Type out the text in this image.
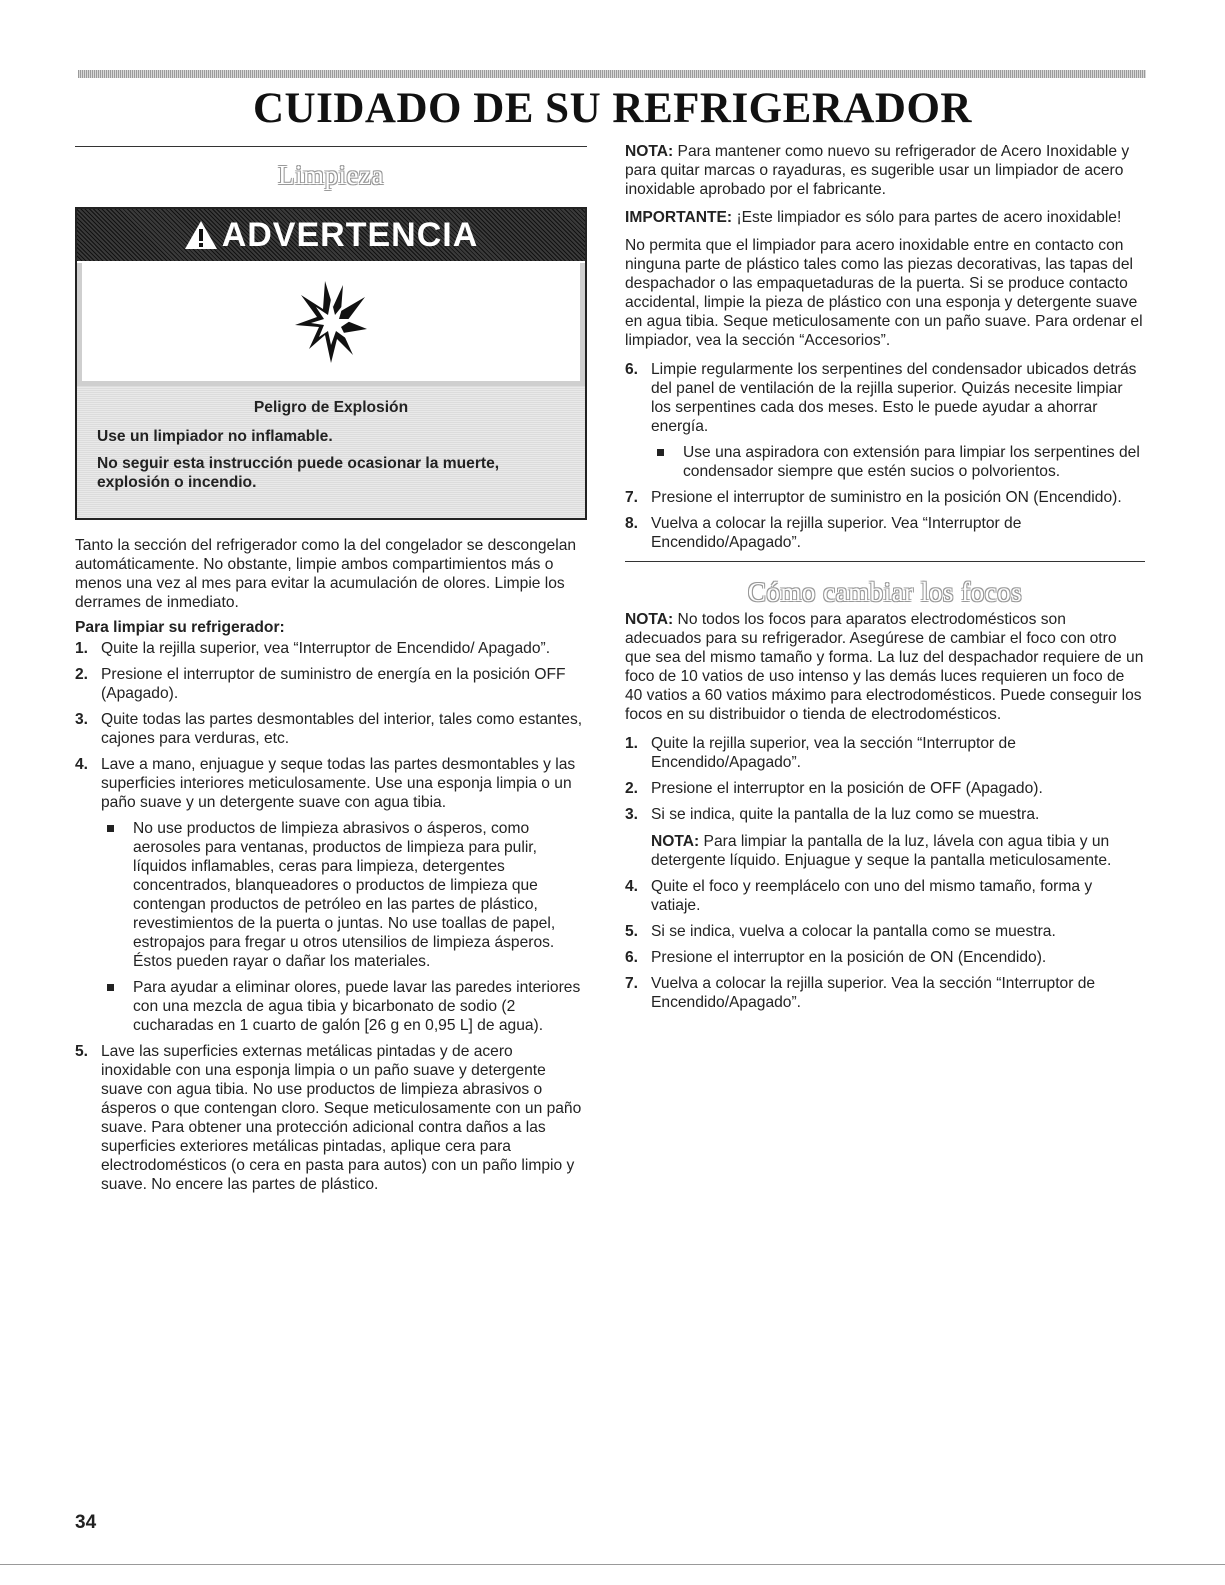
CUIDADO DE SU REFRIGERADOR
Limpieza
ADVERTENCIA

Peligro de Explosión

Use un limpiador no inflamable.

No seguir esta instrucción puede ocasionar la muerte, explosión o incendio.

Tanto la sección del refrigerador como la del congelador se descongelan automáticamente. No obstante, limpie ambos compartimientos más o menos una vez al mes para evitar la acumulación de olores. Limpie los derrames de inmediato.

Para limpiar su refrigerador:

1. Quite la rejilla superior, vea “Interruptor de Encendido/ Apagado”.
2. Presione el interruptor de suministro de energía en la posición OFF (Apagado).
3. Quite todas las partes desmontables del interior, tales como estantes, cajones para verduras, etc.
4. Lave a mano, enjuague y seque todas las partes desmontables y las superficies interiores meticulosamente. Use una esponja limpia o un paño suave y un detergente suave con agua tibia.
No use productos de limpieza abrasivos o ásperos, como aerosoles para ventanas, productos de limpieza para pulir, líquidos inflamables, ceras para limpieza, detergentes concentrados, blanqueadores o productos de limpieza que contengan productos de petróleo en las partes de plástico, revestimientos de la puerta o juntas. No use toallas de papel, estropajos para fregar u otros utensilios de limpieza ásperos. Éstos pueden rayar o dañar los materiales.
Para ayudar a eliminar olores, puede lavar las paredes interiores con una mezcla de agua tibia y bicarbonato de sodio (2 cucharadas en 1 cuarto de galón [26 g en 0,95 L] de agua).
5. Lave las superficies externas metálicas pintadas y de acero inoxidable con una esponja limpia o un paño suave y detergente suave con agua tibia. No use productos de limpieza abrasivos o ásperos o que contengan cloro. Seque meticulosamente con un paño suave. Para obtener una protección adicional contra daños a las superficies exteriores metálicas pintadas, aplique cera para electrodomésticos (o cera en pasta para autos) con un paño limpio y suave. No encere las partes de plástico.

NOTA: Para mantener como nuevo su refrigerador de Acero Inoxidable y para quitar marcas o rayaduras, es sugerible usar un limpiador de acero inoxidable aprobado por el fabricante.

IMPORTANTE: ¡Este limpiador es sólo para partes de acero inoxidable!

No permita que el limpiador para acero inoxidable entre en contacto con ninguna parte de plástico tales como las piezas decorativas, las tapas del despachador o las empaquetaduras de la puerta. Si se produce contacto accidental, limpie la pieza de plástico con una esponja y detergente suave en agua tibia. Seque meticulosamente con un paño suave. Para ordenar el limpiador, vea la sección “Accesorios”.

6. Limpie regularmente los serpentines del condensador ubicados detrás del panel de ventilación de la rejilla superior. Quizás necesite limpiar los serpentines cada dos meses. Esto le puede ayudar a ahorrar energía.
Use una aspiradora con extensión para limpiar los serpentines del condensador siempre que estén sucios o polvorientos.
7. Presione el interruptor de suministro en la posición ON (Encendido).
8. Vuelva a colocar la rejilla superior. Vea “Interruptor de Encendido/Apagado”.
Cómo cambiar los focos

NOTA: No todos los focos para aparatos electrodomésticos son adecuados para su refrigerador. Asegúrese de cambiar el foco con otro que sea del mismo tamaño y forma. La luz del despachador requiere de un foco de 10 vatios de uso intenso y las demás luces requieren un foco de 40 vatios a 60 vatios máximo para electrodomésticos. Puede conseguir los focos en su distribuidor o tienda de electrodomésticos.

1. Quite la rejilla superior, vea la sección “Interruptor de Encendido/Apagado”.
2. Presione el interruptor en la posición de OFF (Apagado).
3. Si se indica, quite la pantalla de la luz como se muestra.

NOTA: Para limpiar la pantalla de la luz, lávela con agua tibia y un detergente líquido. Enjuague y seque la pantalla meticulosamente.

4. Quite el foco y reemplácelo con uno del mismo tamaño, forma y vatiaje.
5. Si se indica, vuelva a colocar la pantalla como se muestra.
6. Presione el interruptor en la posición de ON (Encendido).
7. Vuelva a colocar la rejilla superior. Vea la sección “Interruptor de Encendido/Apagado”.
34
